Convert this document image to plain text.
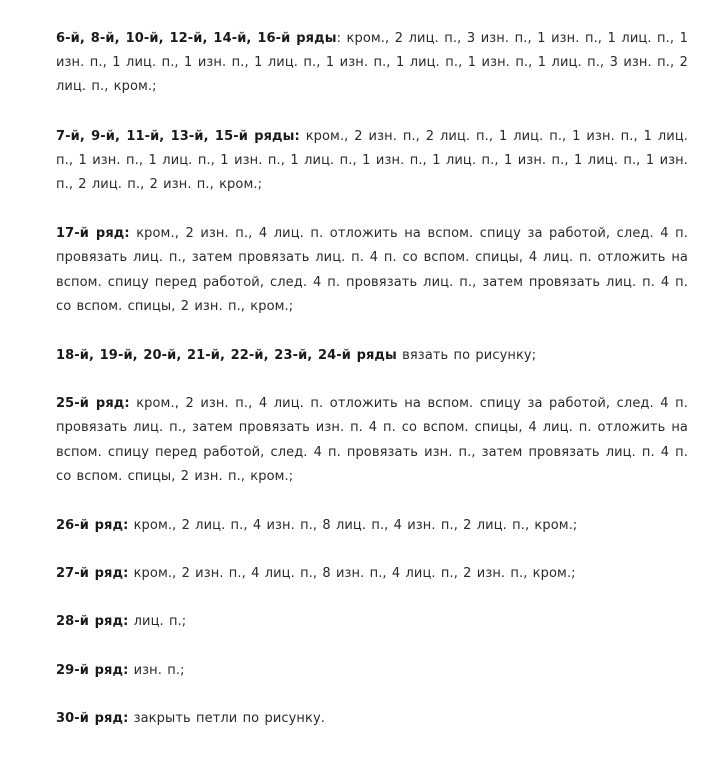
6-й, 8-й, 10-й, 12-й, 14-й, 16-й ряды: кром., 2 лиц. п., 3 изн. п., 1 изн. п., 1 лиц. п., 1 изн. п., 1 лиц. п., 1 изн. п., 1 лиц. п., 1 изн. п., 1 лиц. п., 1 изн. п., 1 лиц. п., 3 изн. п., 2 лиц. п., кром.;

7-й, 9-й, 11-й, 13-й, 15-й ряды: кром., 2 изн. п., 2 лиц. п., 1 лиц. п., 1 изн. п., 1 лиц. п., 1 изн. п., 1 лиц. п., 1 изн. п., 1 лиц. п., 1 изн. п., 1 лиц. п., 1 изн. п., 1 лиц. п., 1 изн. п., 2 лиц. п., 2 изн. п., кром.;

17-й ряд: кром., 2 изн. п., 4 лиц. п. отложить на вспом. спицу за работой, след. 4 п. провязать лиц. п., затем провязать лиц. п. 4 п. со вспом. спицы, 4 лиц. п. отложить на вспом. спицу перед работой, след. 4 п. провязать лиц. п., затем провязать лиц. п. 4 п. со вспом. спицы, 2 изн. п., кром.;

18-й, 19-й, 20-й, 21-й, 22-й, 23-й, 24-й ряды вязать по рисунку;

25-й ряд: кром., 2 изн. п., 4 лиц. п. отложить на вспом. спицу за работой, след. 4 п. провязать лиц. п., затем провязать изн. п. 4 п. со вспом. спицы, 4 лиц. п. отложить на вспом. спицу перед работой, след. 4 п. провязать изн. п., затем провязать лиц. п. 4 п. со вспом. спицы, 2 изн. п., кром.;

26-й ряд: кром., 2 лиц. п., 4 изн. п., 8 лиц. п., 4 изн. п., 2 лиц. п., кром.;

27-й ряд: кром., 2 изн. п., 4 лиц. п., 8 изн. п., 4 лиц. п., 2 изн. п., кром.;

28-й ряд: лиц. п.;

29-й ряд: изн. п.;

30-й ряд: закрыть петли по рисунку.
